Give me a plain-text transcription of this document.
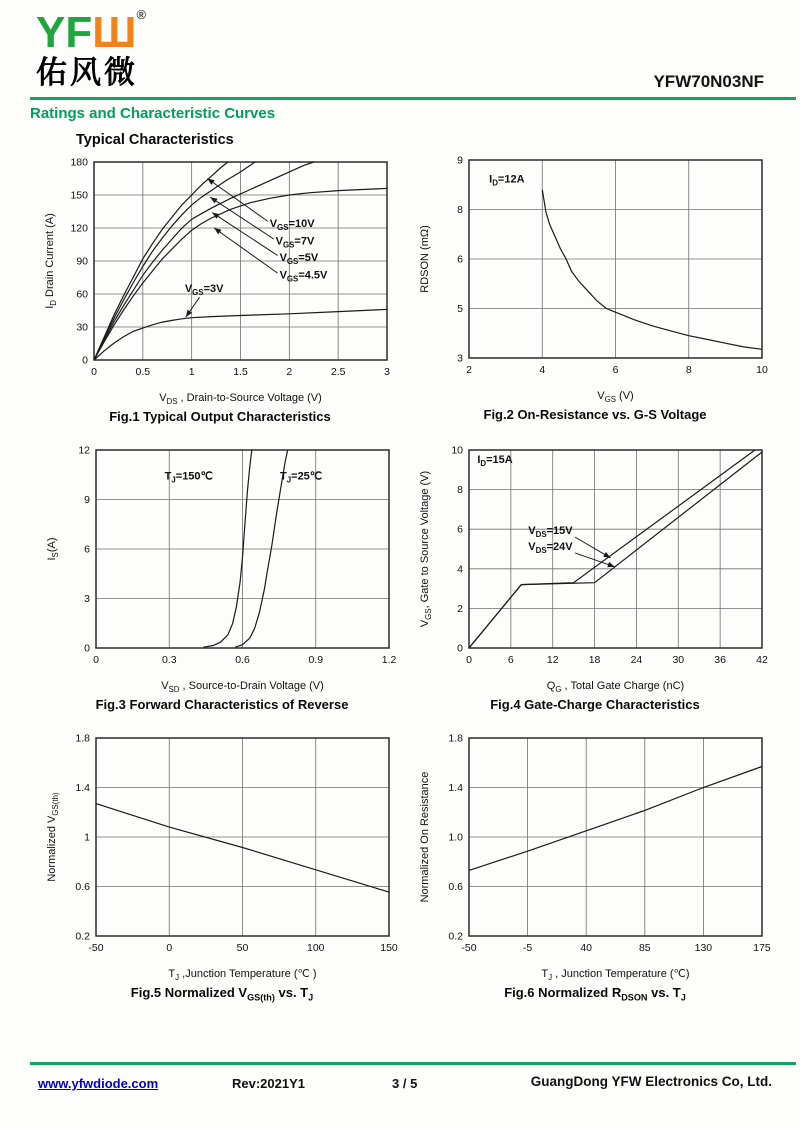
YFШ®
佑风微	YFW70N03NF
Ratings and Characteristic Curves
Typical Characteristics
0	0.5	1	1.5	2	2.5	3
0
30
60
90
120
150
180
$V_{DS}$ , Drain-to-Source Voltage (V)
$I_D$ Drain Current (A)	$V_{GS}=10V$
$V_{GS}=7V$
$V_{GS}=5V$
$V_{GS}=4.5V$
$V_{GS}=3V$
Fig.1 Typical Output Characteristics
2	4	6	8	10
3
5
6
8
9
$V_{GS}$ (V)
RDSON (mΩ)
$I_D=12A$
Fig.2 On-Resistance vs. G-S Voltage
0	0.3	0.6	0.9	1.2
0
3
6
9
12
$V_{SD}$ , Source-to-Drain Voltage (V)
$I_S(A)$
$T_J=150℃$	$T_J=25℃$
Fig.3 Forward Characteristics of Reverse
0	6	12	18	24	30	36	42
0
2
4
6
8
10
$Q_G$ , Total Gate Charge (nC)
$V_{GS}$, Gate to Source Voltage (V)
$I_D=15A$
$V_{DS}=15V$
$V_{DS}=24V$
Fig.4 Gate-Charge Characteristics
-50	0	50	100	150
0.2
0.6
1
1.4
1.8
$T_J$ ,Junction Temperature (℃ )
Normalized $V_{GS(th)}$
Fig.5 Normalized $V_{GS(th)}$ vs. $T_J$
-50	-5	40	85	130	175
0.2
0.6
1.0
1.4
1.8
$T_J$ , Junction Temperature (℃)
Normalized On Resistance
Fig.6 Normalized $R_{DSON}$ vs. $T_J$
www.yfwdiode.com	Rev:2021Y1	3 / 5	GuangDong YFW Electronics Co, Ltd.
